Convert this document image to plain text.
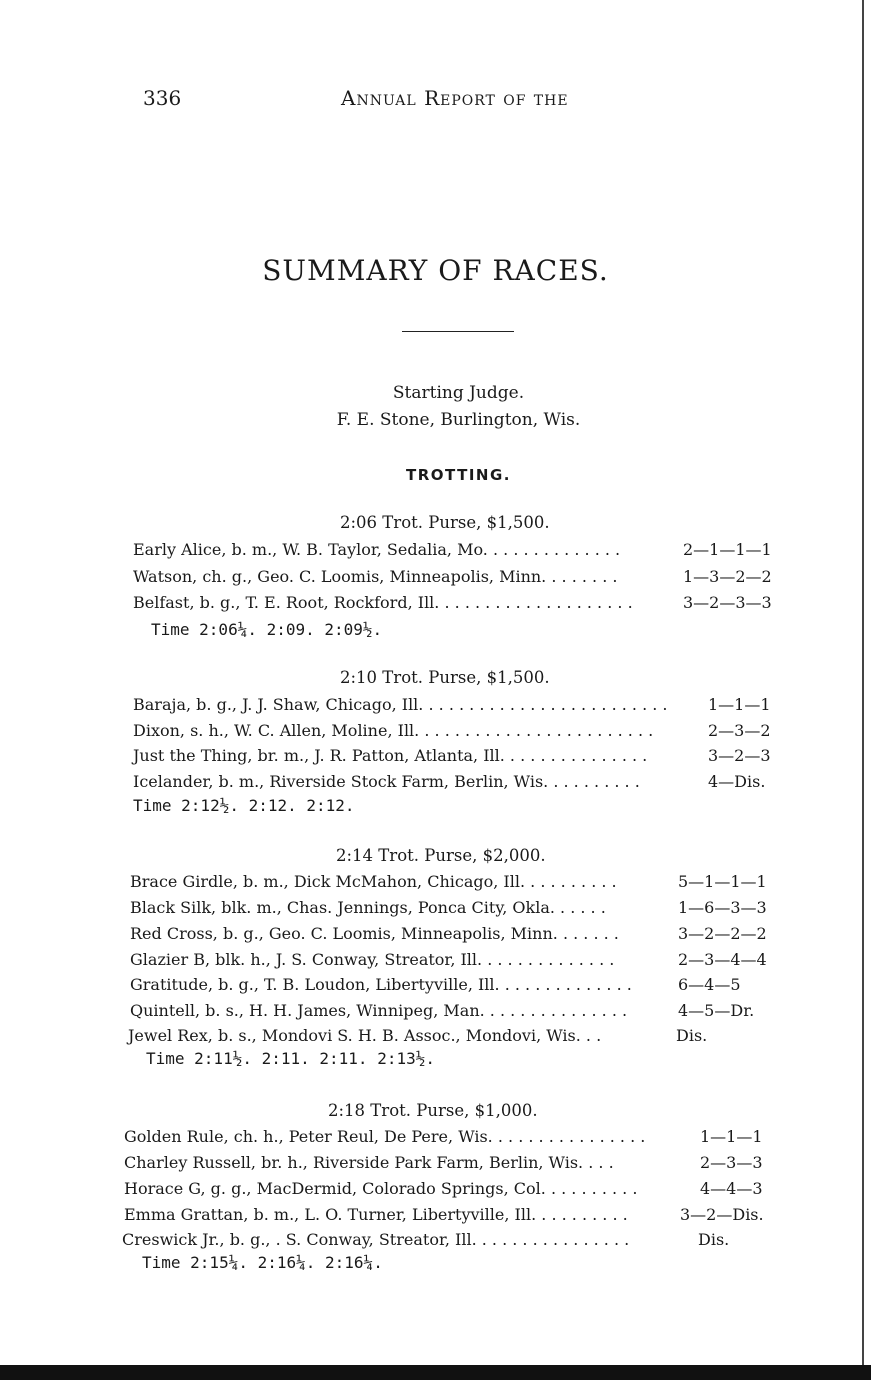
336	Annual Report of the
SUMMARY OF RACES.
Starting Judge.
F. E. Stone, Burlington, Wis.
TROTTING.
2:06 Trot. Purse, $1,500.
Early Alice, b. m., W. B. Taylor, Sedalia, Mo. . . . . . . . . . . . . .	2—1—1—1
Watson, ch. g., Geo. C. Loomis, Minneapolis, Minn. . . . . . . .	1—3—2—2
Belfast, b. g., T. E. Root, Rockford, Ill. . . . . . . . . . . . . . . . . . . .	3—2—3—3
Time 2:06¼. 2:09. 2:09½.
2:10 Trot. Purse, $1,500.
Baraja, b. g., J. J. Shaw, Chicago, Ill. . . . . . . . . . . . . . . . . . . . . . . . .	1—1—1
Dixon, s. h., W. C. Allen, Moline, Ill. . . . . . . . . . . . . . . . . . . . . . . .	2—3—2
Just the Thing, br. m., J. R. Patton, Atlanta, Ill. . . . . . . . . . . . . . .	3—2—3
Icelander, b. m., Riverside Stock Farm, Berlin, Wis. . . . . . . . . .	4—Dis.
Time 2:12½. 2:12. 2:12.
2:14 Trot. Purse, $2,000.
Brace Girdle, b. m., Dick McMahon, Chicago, Ill. . . . . . . . . .	5—1—1—1
Black Silk, blk. m., Chas. Jennings, Ponca City, Okla. . . . . .	1—6—3—3
Red Cross, b. g., Geo. C. Loomis, Minneapolis, Minn. . . . . . .	3—2—2—2
Glazier B, blk. h., J. S. Conway, Streator, Ill. . . . . . . . . . . . . .	2—3—4—4
Gratitude, b. g., T. B. Loudon, Libertyville, Ill. . . . . . . . . . . . . .	6—4—5
Quintell, b. s., H. H. James, Winnipeg, Man. . . . . . . . . . . . . . .	4—5—Dr.
Jewel Rex, b. s., Mondovi S. H. B. Assoc., Mondovi, Wis. . .	Dis.
Time 2:11½. 2:11. 2:11. 2:13½.
2:18 Trot. Purse, $1,000.
Golden Rule, ch. h., Peter Reul, De Pere, Wis. . . . . . . . . . . . . . . .	1—1—1
Charley Russell, br. h., Riverside Park Farm, Berlin, Wis. . . .	2—3—3
Horace G, g. g., MacDermid, Colorado Springs, Col. . . . . . . . . .	4—4—3
Emma Grattan, b. m., L. O. Turner, Libertyville, Ill. . . . . . . . . .	3—2—Dis.
Creswick Jr., b. g., . S. Conway, Streator, Ill. . . . . . . . . . . . . . . .	Dis.
Time 2:15¼. 2:16¼. 2:16¼.
